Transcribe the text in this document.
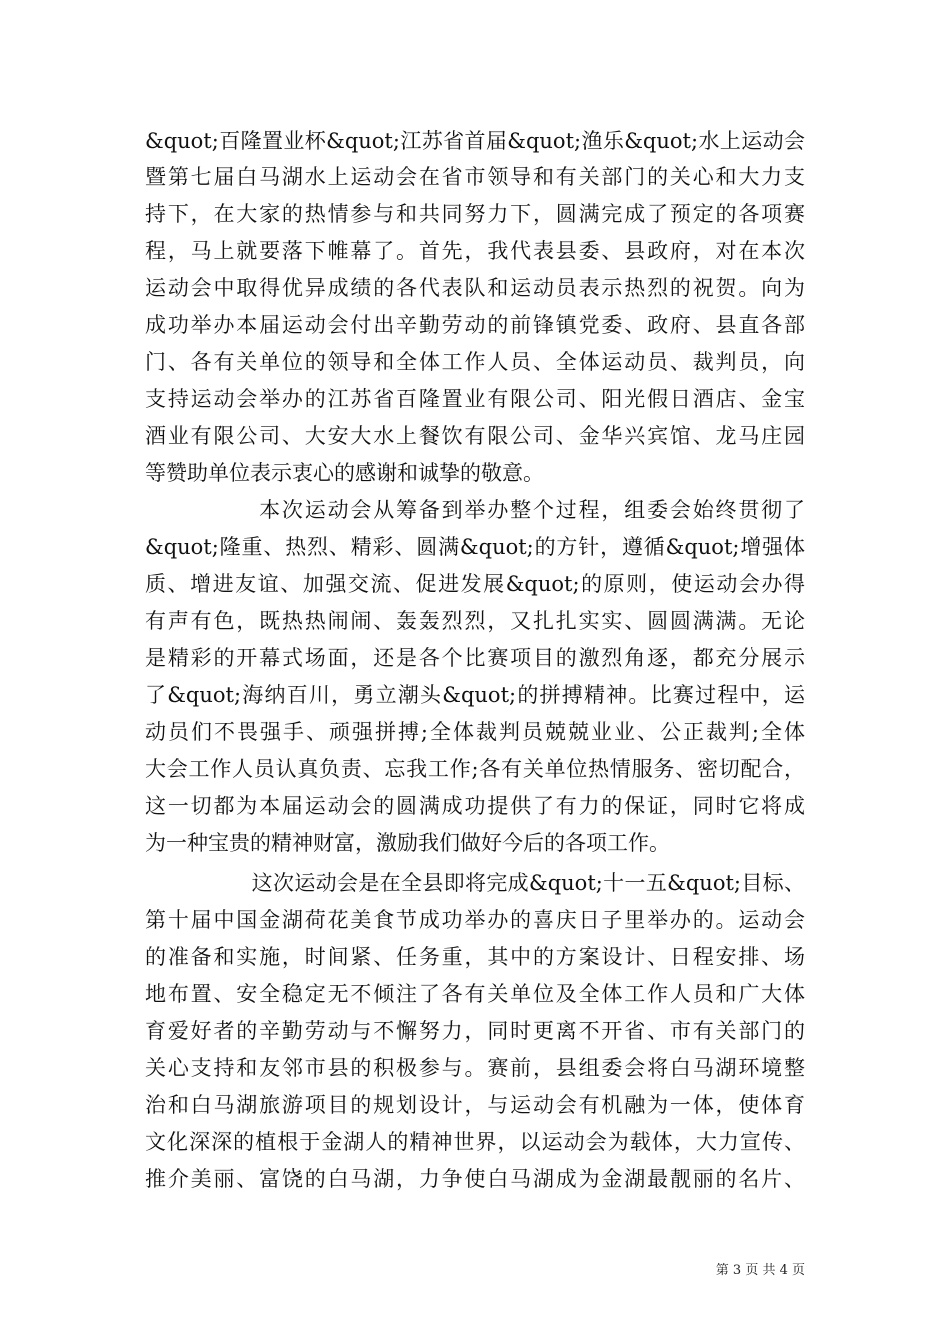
&quot;百隆置业杯&quot;江苏省首届&quot;渔乐&quot;水上运动会
暨第七届白马湖水上运动会在省市领导和有关部门的关心和大力支
持下，在大家的热情参与和共同努力下，圆满完成了预定的各项赛
程，马上就要落下帷幕了。首先，我代表县委、县政府，对在本次
运动会中取得优异成绩的各代表队和运动员表示热烈的祝贺。向为
成功举办本届运动会付出辛勤劳动的前锋镇党委、政府、县直各部
门、各有关单位的领导和全体工作人员、全体运动员、裁判员，向
支持运动会举办的江苏省百隆置业有限公司、阳光假日酒店、金宝
酒业有限公司、大安大水上餐饮有限公司、金华兴宾馆、龙马庄园
等赞助单位表示衷心的感谢和诚挚的敬意。
　　　　　本次运动会从筹备到举办整个过程，组委会始终贯彻了
&quot;隆重、热烈、精彩、圆满&quot;的方针，遵循&quot;增强体
质、增进友谊、加强交流、促进发展&quot;的原则，使运动会办得
有声有色，既热热闹闹、轰轰烈烈，又扎扎实实、圆圆满满。无论
是精彩的开幕式场面，还是各个比赛项目的激烈角逐，都充分展示
了&quot;海纳百川，勇立潮头&quot;的拼搏精神。比赛过程中，运
动员们不畏强手、顽强拼搏;全体裁判员兢兢业业、公正裁判;全体
大会工作人员认真负责、忘我工作;各有关单位热情服务、密切配合，
这一切都为本届运动会的圆满成功提供了有力的保证，同时它将成
为一种宝贵的精神财富，激励我们做好今后的各项工作。
　　　　　这次运动会是在全县即将完成&quot;十一五&quot;目标、
第十届中国金湖荷花美食节成功举办的喜庆日子里举办的。运动会
的准备和实施，时间紧、任务重，其中的方案设计、日程安排、场
地布置、安全稳定无不倾注了各有关单位及全体工作人员和广大体
育爱好者的辛勤劳动与不懈努力，同时更离不开省、市有关部门的
关心支持和友邻市县的积极参与。赛前，县组委会将白马湖环境整
治和白马湖旅游项目的规划设计，与运动会有机融为一体，使体育
文化深深的植根于金湖人的精神世界，以运动会为载体，大力宣传、
推介美丽、富饶的白马湖，力争使白马湖成为金湖最靓丽的名片、
第 3 页 共 4 页
